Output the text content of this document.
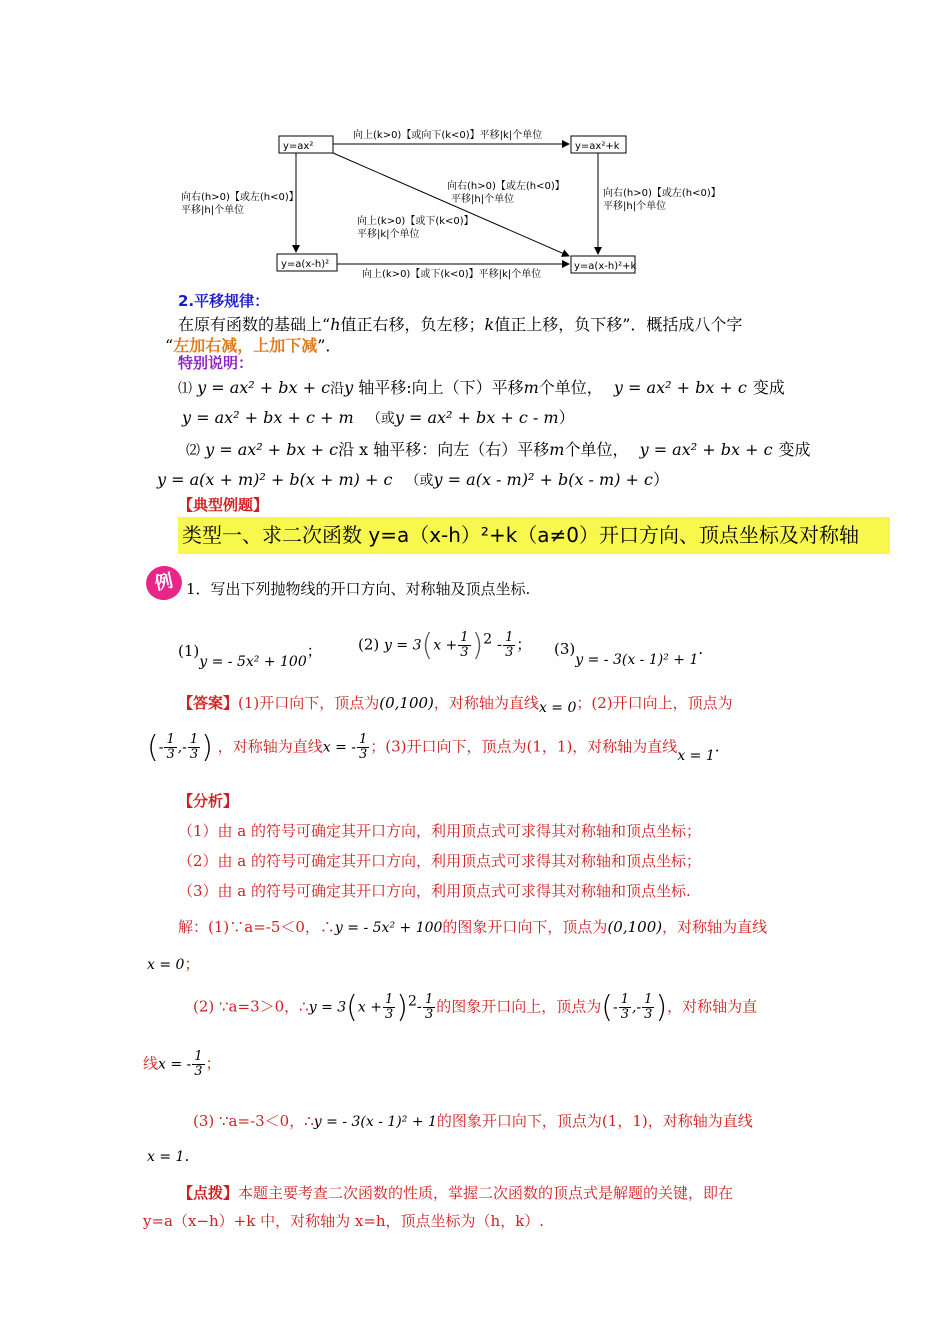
y=ax²	y=ax²+k
y=a(x-h)²	y=a(x-h)²+k
向上(k>0)【或向下(k<0)】平移|k|个单位
向上(k>0)【或下(k<0)】平移|k|个单位
向右(h>0)【或左(h<0)】
平移|h|个单位
向右(h>0)【或左(h<0)】
平移|h|个单位
向右(h>0)【或左(h<0)】
平移|h|个单位
向上(k>0)【或下(k<0)】
平移|k|个单位
2.平移规律：
在原有函数的基础上“h值正右移，负左移；k值正上移，负下移”．概括成八个字
“左加右减，上加下减”．
特别说明：
⑴ y = ax² + bx + c沿y 轴平移:向上（下）平移m个单位， y = ax² + bx + c 变成
y = ax² + bx + c + m （或y = ax² + bx + c - m）
⑵ y = ax² + bx + c沿 x 轴平移：向左（右）平移m个单位， y = ax² + bx + c 变成
y = a(x + m)² + b(x + m) + c （或y = a(x - m)² + b(x - m) + c）
【典型例题】
类型一、求二次函数 y=a（x-h）²+k（a≠0）开口方向、顶点坐标及对称轴
例 1．写出下列抛物线的开口方向、对称轴及顶点坐标.
(1)y = - 5x² + 100； (2) $y = 3(x + \frac{1}{3} )^2 - \frac{1}{3}$ ； (3)y = - 3(x - 1)² + 1.
【答案】(1)开口向下，顶点为(0,100)，对称轴为直线x = 0；(2)开口向上，顶点为
(- $\frac{1}{3}$ ,- $\frac{1}{3}$ ) ，对称轴为直线x = - $\frac{1}{3}$ ；(3)开口向下，顶点为(1，1)，对称轴为直线x = 1.
【分析】
（1）由 a 的符号可确定其开口方向，利用顶点式可求得其对称轴和顶点坐标；
（2）由 a 的符号可确定其开口方向，利用顶点式可求得其对称轴和顶点坐标；
（3）由 a 的符号可确定其开口方向，利用顶点式可求得其对称轴和顶点坐标.
解：(1)∵a=-5＜0，∴y = - 5x² + 100的图象开口向下，顶点为(0,100)，对称轴为直线
x = 0；
(2) ∵a=3＞0，∴y = $3(x + \frac{1}{3} )^2- \frac{1}{3}$ 的图象开口向上，顶点为(- $\frac{1}{3}$ ,- $\frac{1}{3}$ )，对称轴为直
线x = - $\frac{1}{3}$ ；
(3) ∵a=-3＜0，∴y = - 3(x - 1)² + 1的图象开口向下，顶点为(1，1)，对称轴为直线
x = 1.
【点拨】本题主要考查二次函数的性质，掌握二次函数的顶点式是解题的关键，即在
y=a（x−h）+k 中，对称轴为 x=h，顶点坐标为（h，k）.
